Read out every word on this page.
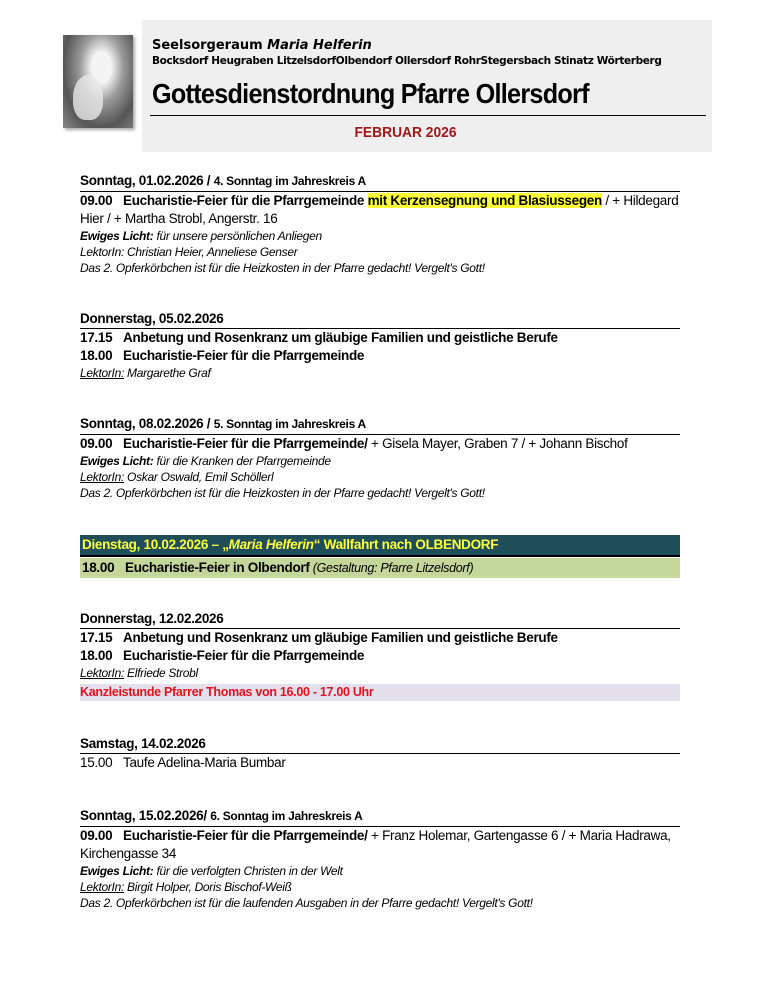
Seelsorgeraum Maria Helferin
Bocksdorf Heugraben LitzelsdorfOlbendorf Ollersdorf RohrStegersbach Stinatz Wörterberg
Gottesdienstordnung Pfarre Ollersdorf
FEBRUAR 2026
Sonntag, 01.02.2026 / 4. Sonntag im Jahreskreis A
09.00 Eucharistie-Feier für die Pfarrgemeinde mit Kerzensegnung und Blasiussegen / + Hildegard Hier / + Martha Strobl, Angerstr. 16
Ewiges Licht: für unsere persönlichen Anliegen
LektorIn: Christian Heier, Anneliese Genser
Das 2. Opferkörbchen ist für die Heizkosten in der Pfarre gedacht! Vergelt's Gott!
Donnerstag, 05.02.2026
17.15 Anbetung und Rosenkranz um gläubige Familien und geistliche Berufe
18.00 Eucharistie-Feier für die Pfarrgemeinde
LektorIn: Margarethe Graf
Sonntag, 08.02.2026 / 5. Sonntag im Jahreskreis A
09.00 Eucharistie-Feier für die Pfarrgemeinde/ + Gisela Mayer, Graben 7 / + Johann Bischof
Ewiges Licht: für die Kranken der Pfarrgemeinde
LektorIn: Oskar Oswald, Emil Schöllerl
Das 2. Opferkörbchen ist für die Heizkosten in der Pfarre gedacht! Vergelt's Gott!
Dienstag, 10.02.2026 – „Maria Helferin“ Wallfahrt nach OLBENDORF
18.00 Eucharistie-Feier in Olbendorf (Gestaltung: Pfarre Litzelsdorf)
Donnerstag, 12.02.2026
17.15 Anbetung und Rosenkranz um gläubige Familien und geistliche Berufe
18.00 Eucharistie-Feier für die Pfarrgemeinde
LektorIn: Elfriede Strobl
Kanzleistunde Pfarrer Thomas von 16.00 - 17.00 Uhr
Samstag, 14.02.2026
15.00 Taufe Adelina-Maria Bumbar
Sonntag, 15.02.2026/ 6. Sonntag im Jahreskreis A
09.00 Eucharistie-Feier für die Pfarrgemeinde/ + Franz Holemar, Gartengasse 6 / + Maria Hadrawa, Kirchengasse 34
Ewiges Licht: für die verfolgten Christen in der Welt
LektorIn: Birgit Holper, Doris Bischof-Weiß
Das 2. Opferkörbchen ist für die laufenden Ausgaben in der Pfarre gedacht! Vergelt's Gott!
